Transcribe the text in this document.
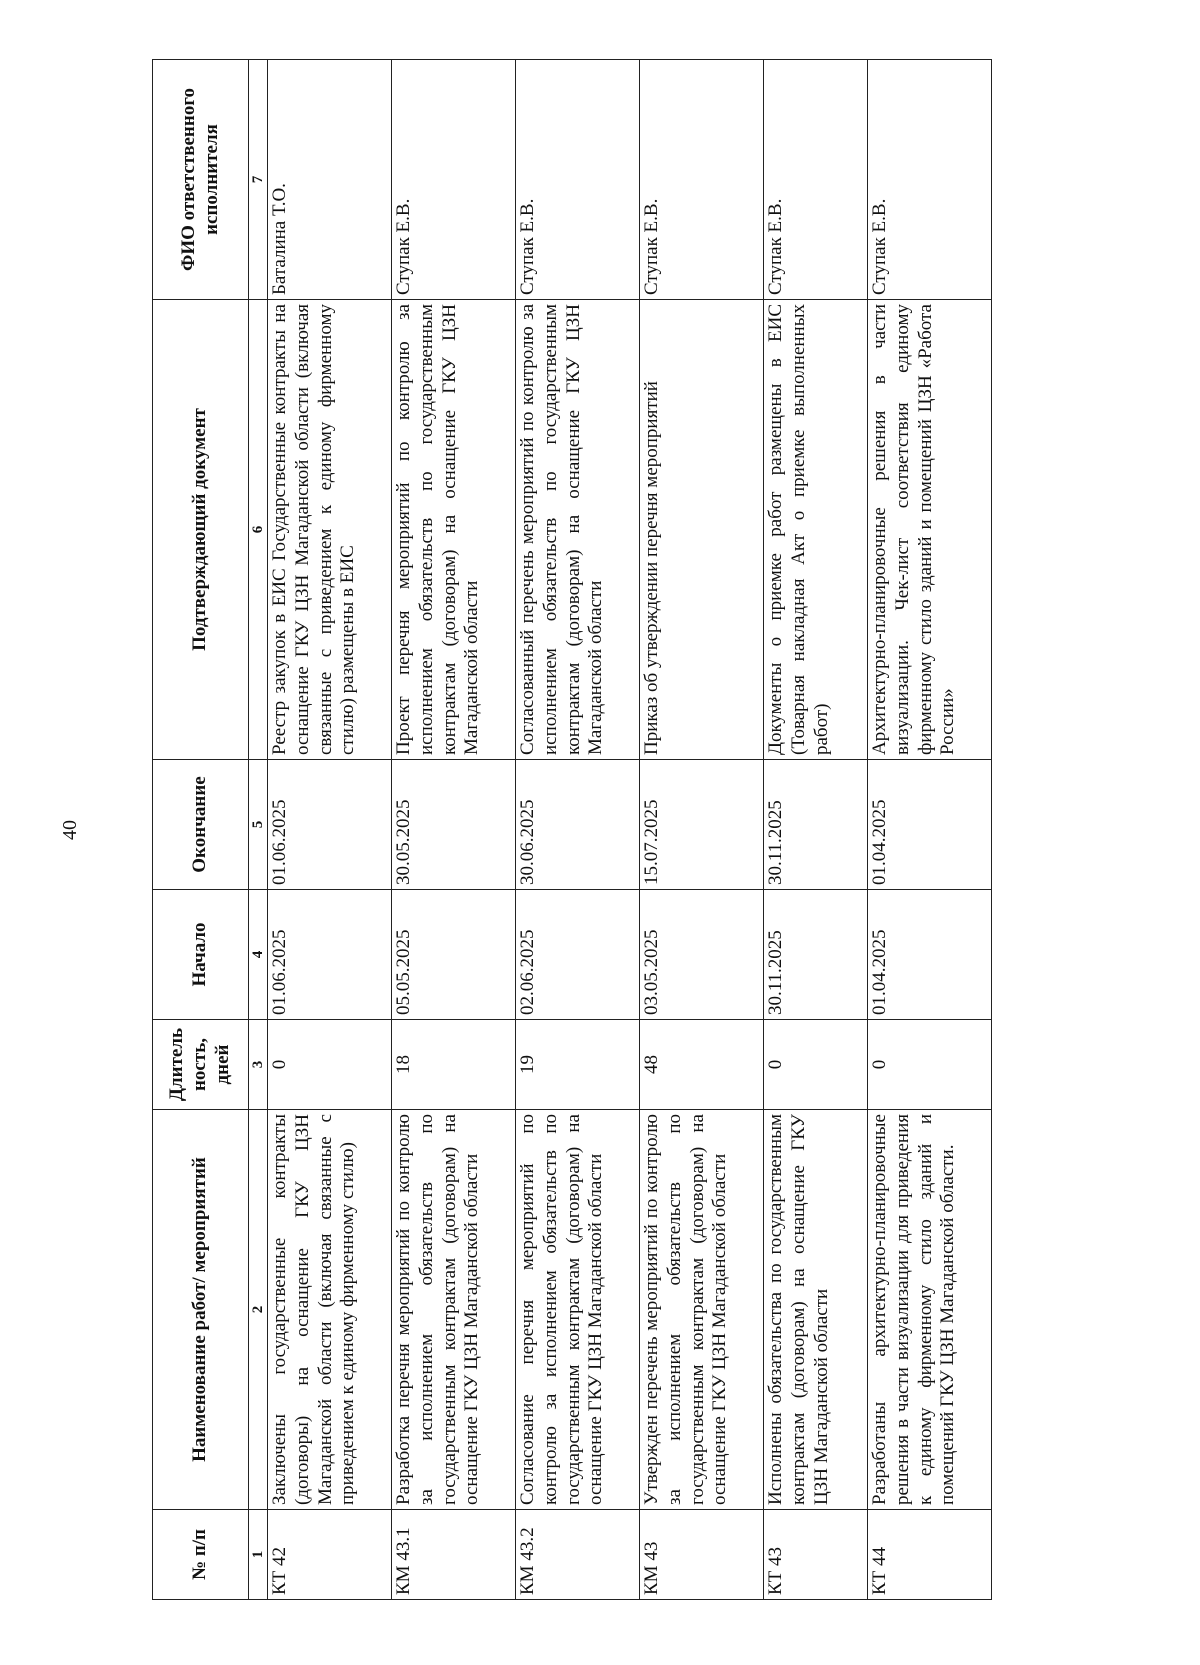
40
№ п/п	Наименование работ/ мероприятий	Длитель ность, дней	Начало	Окончание	Подтверждающий документ	ФИО ответственного исполнителя
1	2	3	4	5	6	7
КТ 42	Заключены государственные контракты (договоры) на оснащение ГКУ ЦЗН Магаданской области (включая связанные с приведением к единому фирменному стилю)	0	01.06.2025	01.06.2025	Реестр закупок в ЕИС Государственные контракты на оснащение ГКУ ЦЗН Магаданской области (включая связанные с приведением к единому фирменному стилю) размещены в ЕИС	Баталина Т.О.
КМ 43.1	Разработка перечня мероприятий по контролю за исполнением обязательств по государственным контрактам (договорам) на оснащение ГКУ ЦЗН Магаданской области	18	05.05.2025	30.05.2025	Проект перечня мероприятий по контролю за исполнением обязательств по государственным контрактам (договорам) на оснащение ГКУ ЦЗН Магаданской области	Ступак Е.В.
КМ 43.2	Согласование перечня мероприятий по контролю за исполнением обязательств по государственным контрактам (договорам) на оснащение ГКУ ЦЗН Магаданской области	19	02.06.2025	30.06.2025	Согласованный перечень мероприятий по контролю за исполнением обязательств по государственным контрактам (договорам) на оснащение ГКУ ЦЗН Магаданской области	Ступак Е.В.
КМ 43	Утвержден перечень мероприятий по контролю за исполнением обязательств по государственным контрактам (договорам) на оснащение ГКУ ЦЗН Магаданской области	48	03.05.2025	15.07.2025	Приказ об утверждении перечня мероприятий	Ступак Е.В.
КТ 43	Исполнены обязательства по государственным контрактам (договорам) на оснащение ГКУ ЦЗН Магаданской области	0	30.11.2025	30.11.2025	Документы о приемке работ размещены в ЕИС (Товарная накладная Акт о приемке выполненных работ)	Ступак Е.В.
КТ 44	Разработаны архитектурно-планировочные решения в части визуализации для приведения к единому фирменному стило зданий и помещений ГКУ ЦЗН Магаданской области.	0	01.04.2025	01.04.2025	Архитектурно-планировочные решения в части визуализации. Чек-лист соответствия единому фирменному стило зданий и помещений ЦЗН «Работа России»	Ступак Е.В.
